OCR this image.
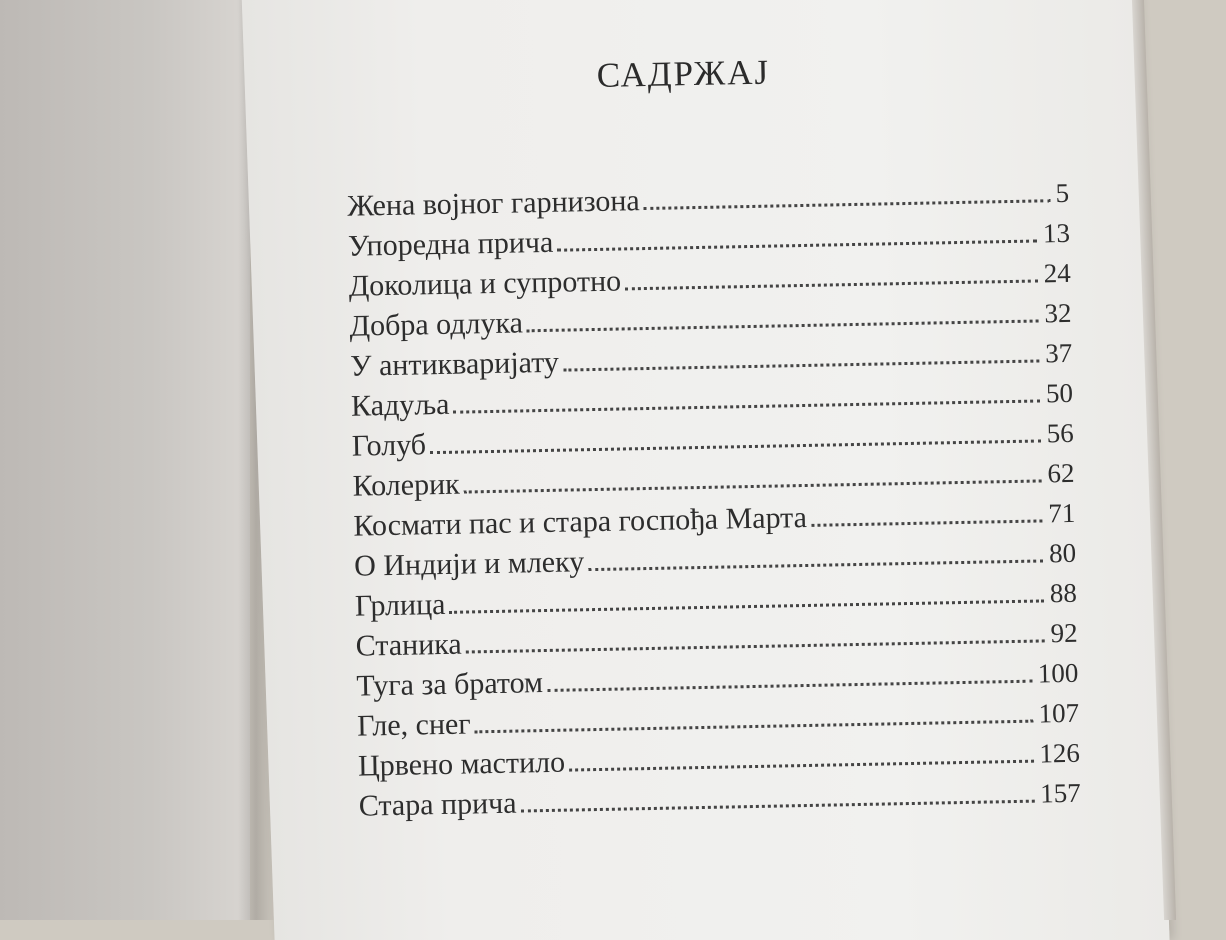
САДРЖАЈ
Жена војног гарнизона	5
Упоредна прича	13
Доколица и супротно	24
Добра одлука	32
У антикваријату	37
Кадуља	50
Голуб	56
Колерик	62
Космати пас и стара госпођа Марта	71
О Индији и млеку	80
Грлица	88
Станика	92
Туга за братом	100
Гле, снег	107
Црвено мастило	126
Стара прича	157
